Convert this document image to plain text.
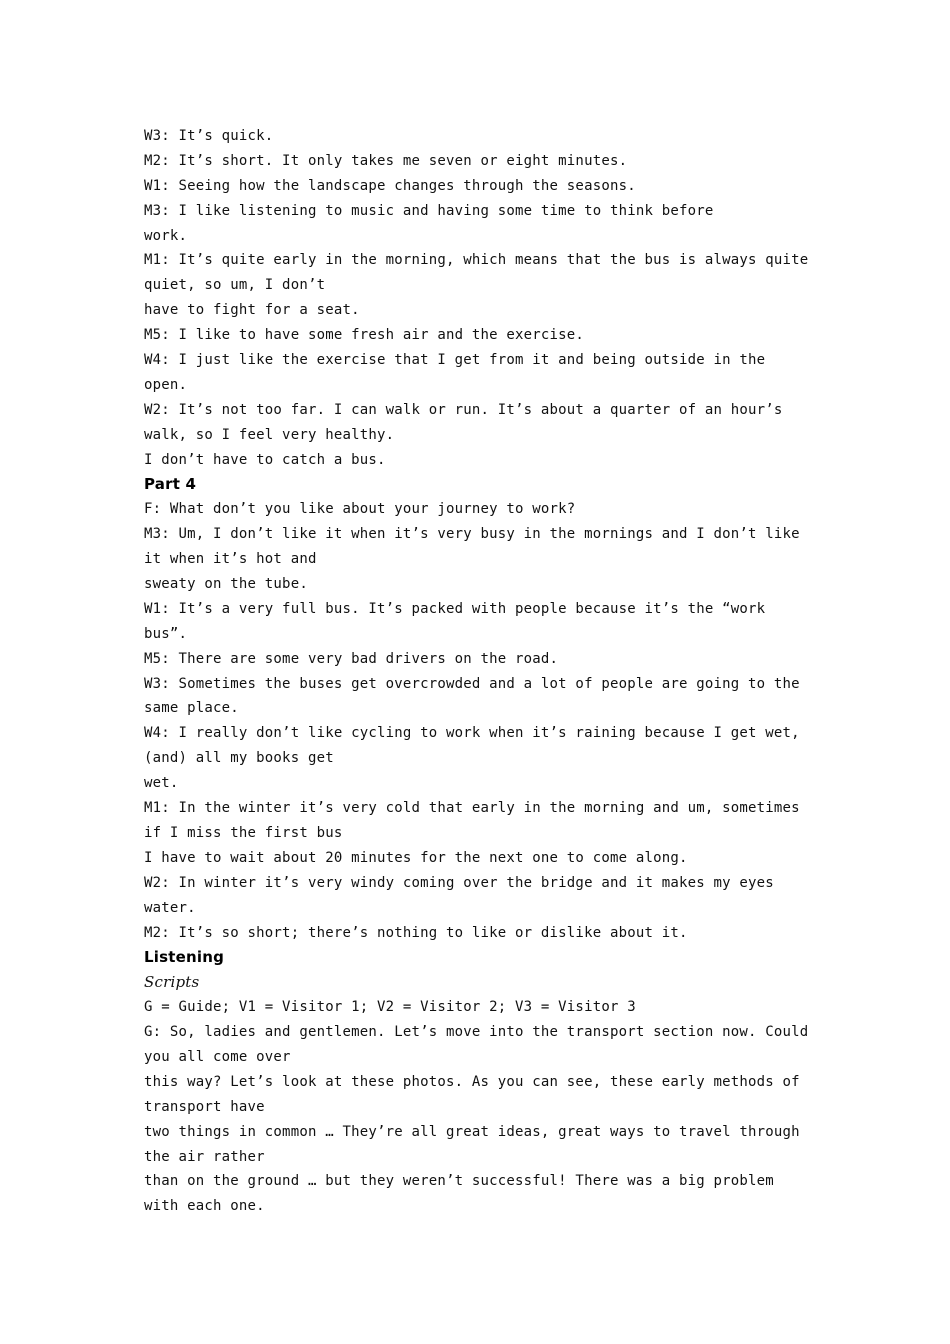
W3: It’s quick.
M2: It’s short. It only takes me seven or eight minutes.
W1: Seeing how the landscape changes through the seasons.
M3: I like listening to music and having some time to think before
work.
M1: It’s quite early in the morning, which means that the bus is always quite
quiet, so um, I don’t
have to fight for a seat.
M5: I like to have some fresh air and the exercise.
W4: I just like the exercise that I get from it and being outside in the
open.
W2: It’s not too far. I can walk or run. It’s about a quarter of an hour’s
walk, so I feel very healthy.
I don’t have to catch a bus.
Part 4
F: What don’t you like about your journey to work?
M3: Um, I don’t like it when it’s very busy in the mornings and I don’t like
it when it’s hot and
sweaty on the tube.
W1: It’s a very full bus. It’s packed with people because it’s the “work
bus”.
M5: There are some very bad drivers on the road.
W3: Sometimes the buses get overcrowded and a lot of people are going to the
same place.
W4: I really don’t like cycling to work when it’s raining because I get wet,
(and) all my books get
wet.
M1: In the winter it’s very cold that early in the morning and um, sometimes
if I miss the first bus
I have to wait about 20 minutes for the next one to come along.
W2: In winter it’s very windy coming over the bridge and it makes my eyes
water.
M2: It’s so short; there’s nothing to like or dislike about it.
Listening
Scripts
G = Guide; V1 = Visitor 1; V2 = Visitor 2; V3 = Visitor 3
G: So, ladies and gentlemen. Let’s move into the transport section now. Could
you all come over
this way? Let’s look at these photos. As you can see, these early methods of
transport have
two things in common … They’re all great ideas, great ways to travel through
the air rather
than on the ground … but they weren’t successful! There was a big problem
with each one.
